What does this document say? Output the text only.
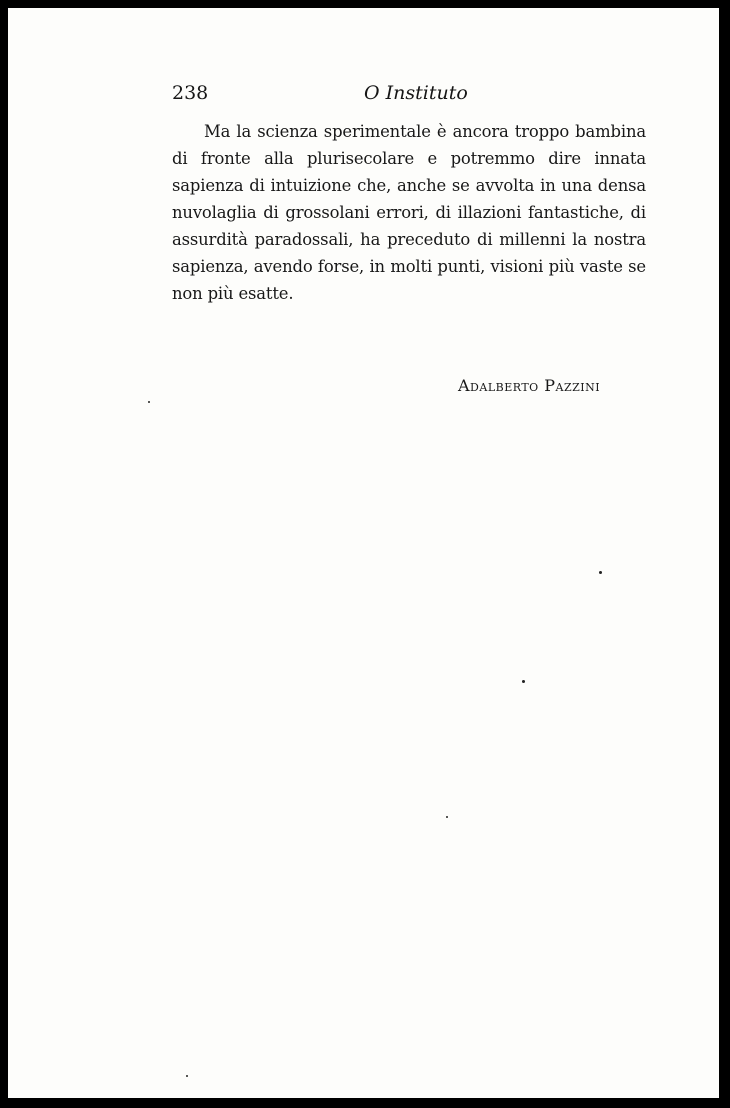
238	O Instituto

Ma la scienza sperimentale è ancora troppo bambina di fronte alla plurisecolare e potremmo dire innata sapienza di intuizione che, anche se avvolta in una densa nuvolaglia di grossolani errori, di illazioni fantastiche, di assurdità paradossali, ha preceduto di millenni la nostra sapienza, avendo forse, in molti punti, visioni più vaste se non più esatte.

Adalberto Pazzini
